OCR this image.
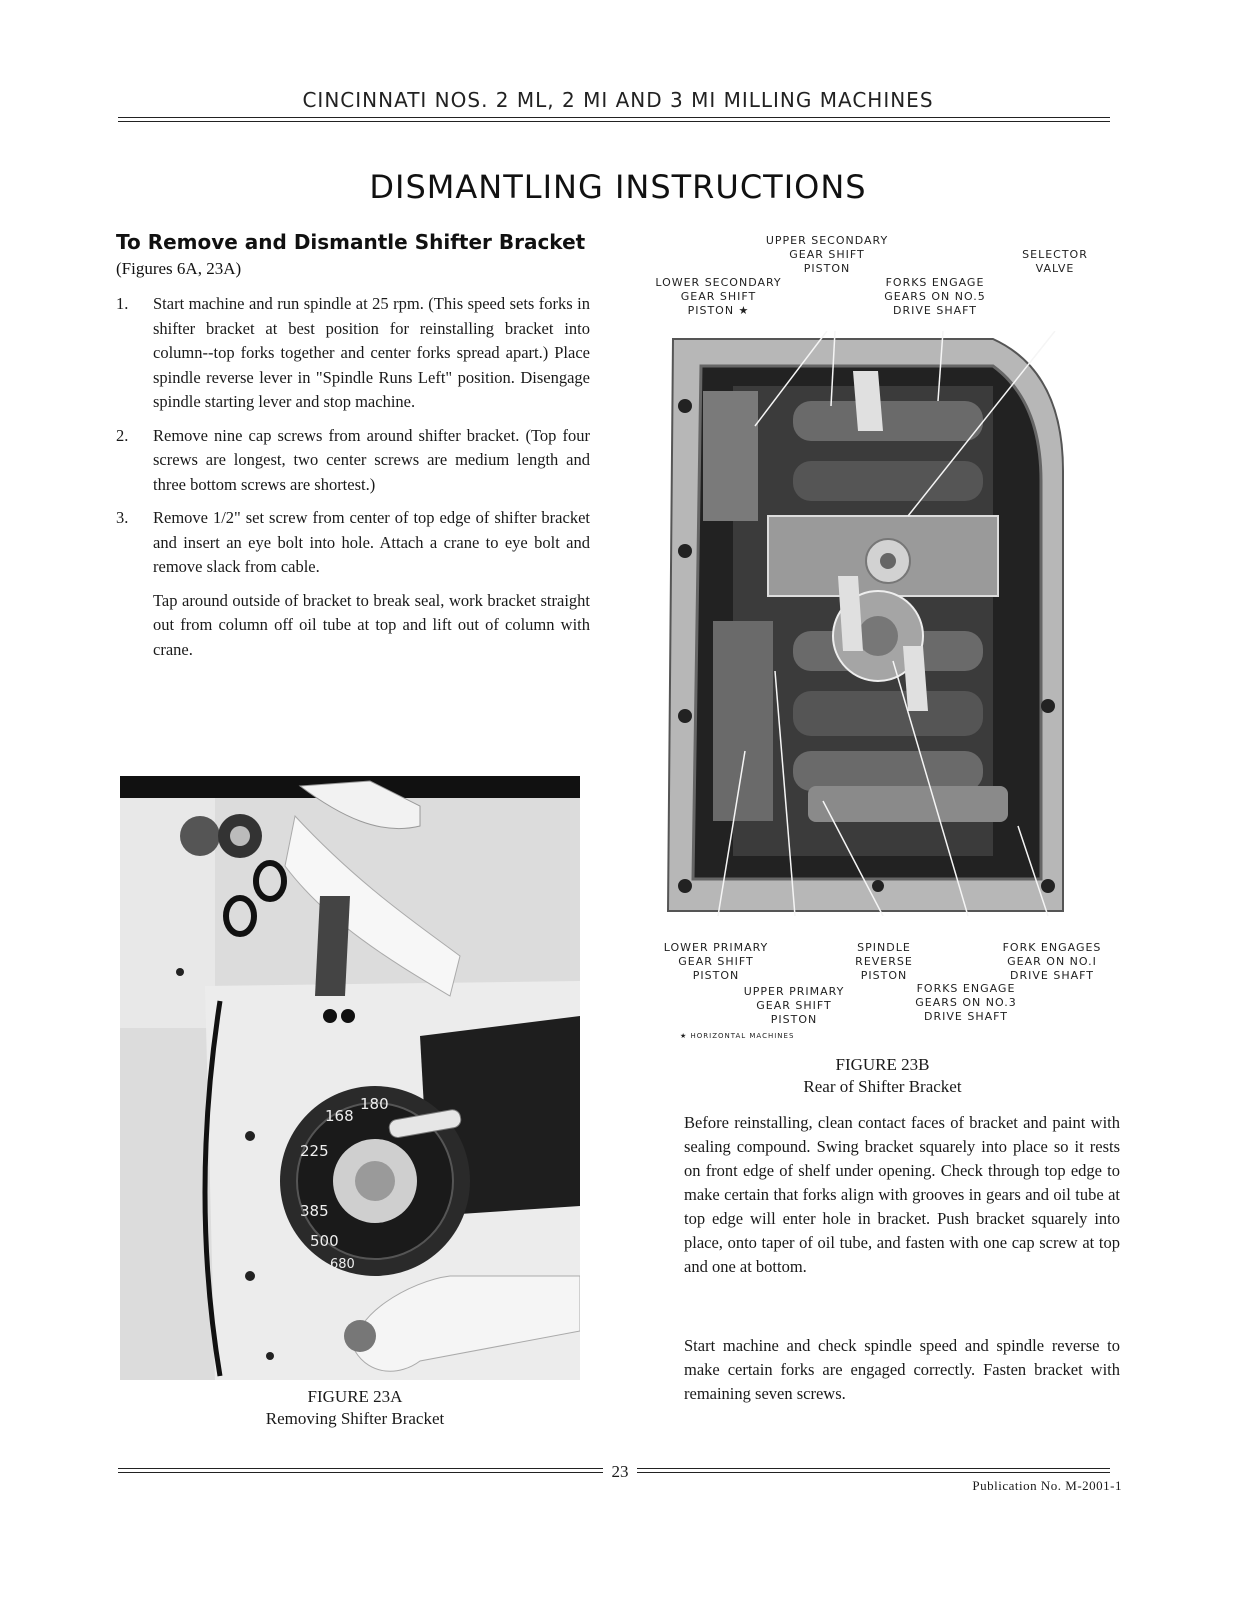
CINCINNATI NOS. 2 ML, 2 MI AND 3 MI MILLING MACHINES
DISMANTLING INSTRUCTIONS
To Remove and Dismantle Shifter Bracket (Figures 6A, 23A)
1.	Start machine and run spindle at 25 rpm. (This speed sets forks in shifter bracket at best position for reinstalling bracket into column--top forks together and center forks spread apart.) Place spindle reverse lever in "Spindle Runs Left" position. Disengage spindle starting lever and stop machine.
2.	Remove nine cap screws from around shifter bracket. (Top four screws are longest, two center screws are medium length and three bottom screws are shortest.)
3.	Remove 1/2" set screw from center of top edge of shifter bracket and insert an eye bolt into hole. Attach a crane to eye bolt and remove slack from cable.
Tap around outside of bracket to break seal, work bracket straight out from column off oil tube at top and lift out of column with crane.
180
168
225
385
500
680
FIGURE 23A
Removing Shifter Bracket
UPPER SECONDARY
GEAR SHIFT
PISTON
LOWER SECONDARY
GEAR SHIFT
PISTON ★
FORKS ENGAGE
GEARS ON NO.5
DRIVE SHAFT
SELECTOR
VALVE
LOWER PRIMARY
GEAR SHIFT
PISTON
SPINDLE
REVERSE
PISTON
FORK ENGAGES
GEAR ON NO.I
DRIVE SHAFT
UPPER PRIMARY
GEAR SHIFT
PISTON
FORKS ENGAGE
GEARS ON NO.3
DRIVE SHAFT
★ HORIZONTAL MACHINES
FIGURE 23B
Rear of Shifter Bracket
Before reinstalling, clean contact faces of bracket and paint with sealing compound. Swing bracket squarely into place so it rests on front edge of shelf under opening. Check through top edge to make certain that forks align with grooves in gears and oil tube at top edge will enter hole in bracket. Push bracket squarely into place, onto taper of oil tube, and fasten with one cap screw at top and one at bottom.
Start machine and check spindle speed and spindle reverse to make certain forks are engaged correctly. Fasten bracket with remaining seven screws.
23
Publication No. M-2001-1
